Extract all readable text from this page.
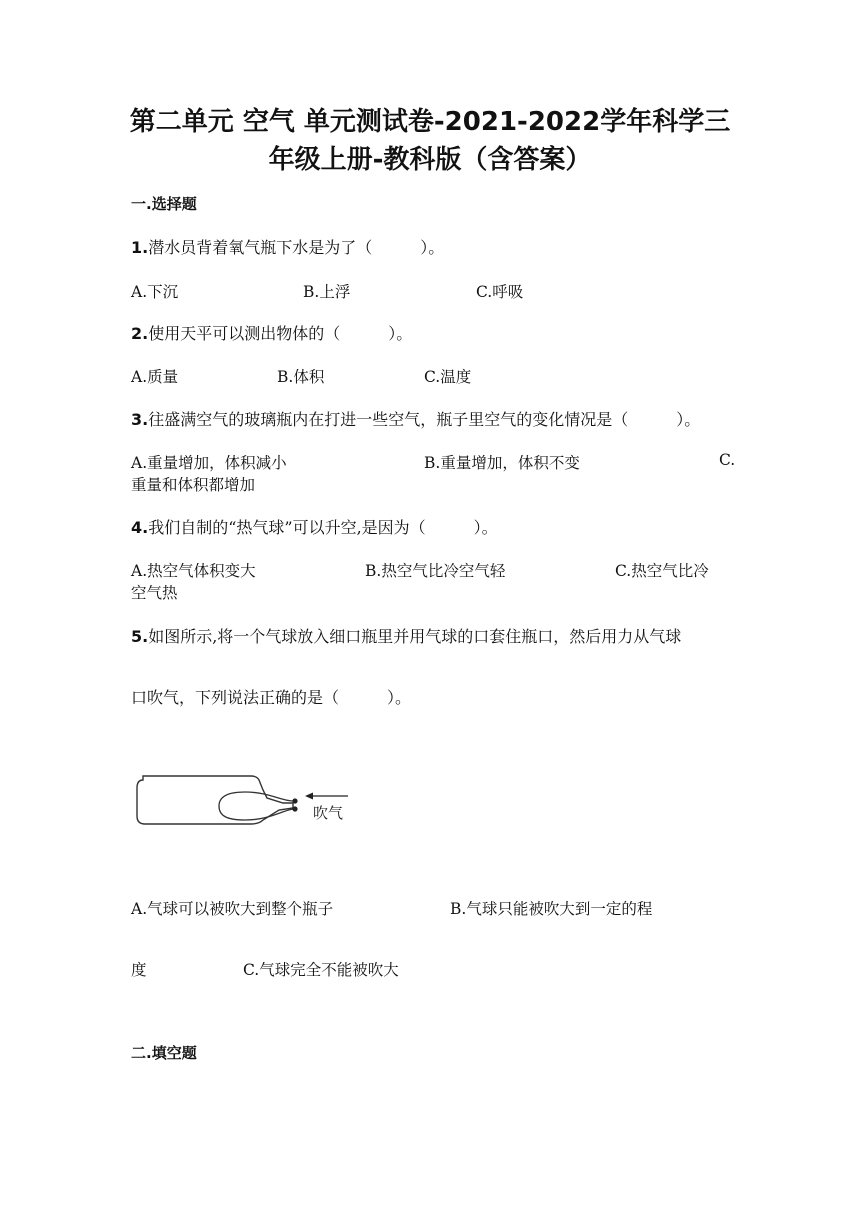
第二单元 空气 单元测试卷-2021-2022学年科学三
年级上册-教科版（含答案）
一.选择题
1.潜水员背着氧气瓶下水是为了（　　　）。
A.下沉	B.上浮	C.呼吸
2.使用天平可以测出物体的（　　　）。
A.质量	B.体积	C.温度
3.往盛满空气的玻璃瓶内在打进一些空气，瓶子里空气的变化情况是（　　　）。
A.重量增加，体积减小	B.重量增加，体积不变	C.
重量和体积都增加
4.我们自制的“热气球”可以升空,是因为（　　　）。
A.热空气体积变大	B.热空气比冷空气轻	C.热空气比冷
空气热
5.如图所示,将一个气球放入细口瓶里并用气球的口套住瓶口，然后用力从气球
口吹气，下列说法正确的是（　　　）。
吹气
A.气球可以被吹大到整个瓶子	B.气球只能被吹大到一定的程
度	C.气球完全不能被吹大
二.填空题
